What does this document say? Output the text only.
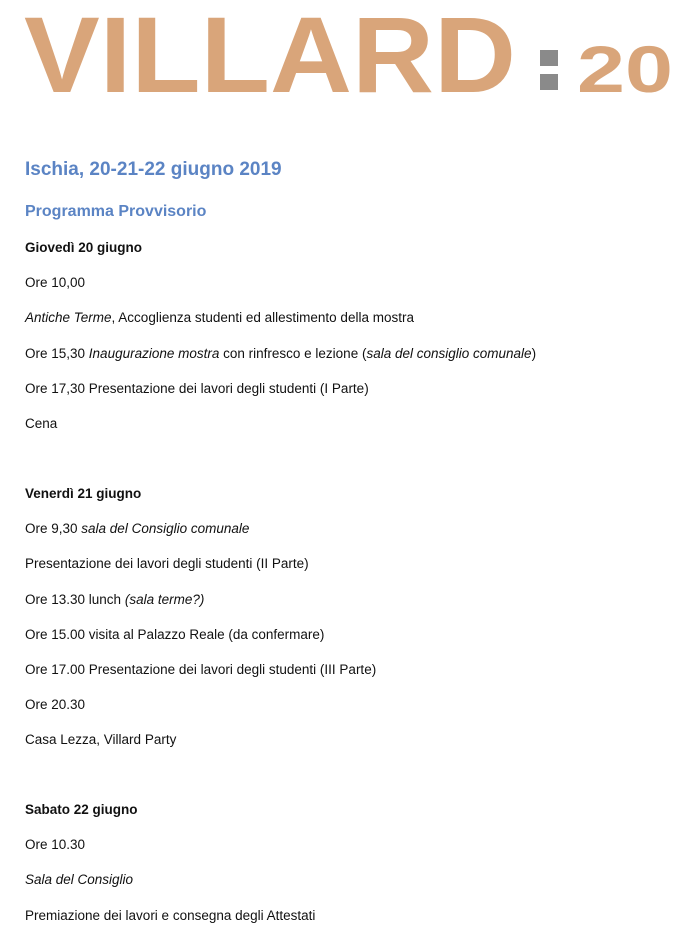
VILLARD 20
Ischia, 20-21-22 giugno 2019
Programma Provvisorio
Giovedì 20 giugno
Ore 10,00
Antiche Terme, Accoglienza studenti ed allestimento della mostra
Ore 15,30 Inaugurazione mostra con rinfresco e lezione (sala del consiglio comunale)
Ore 17,30 Presentazione dei lavori degli studenti (I Parte)
Cena
Venerdì 21 giugno
Ore 9,30 sala del Consiglio comunale
Presentazione dei lavori degli studenti (II Parte)
Ore 13.30 lunch (sala terme?)
Ore 15.00 visita al Palazzo Reale (da confermare)
Ore 17.00 Presentazione dei lavori degli studenti (III Parte)
Ore 20.30
Casa Lezza, Villard Party
Sabato 22 giugno
Ore 10.30
Sala del Consiglio
Premiazione dei lavori e consegna degli Attestati
